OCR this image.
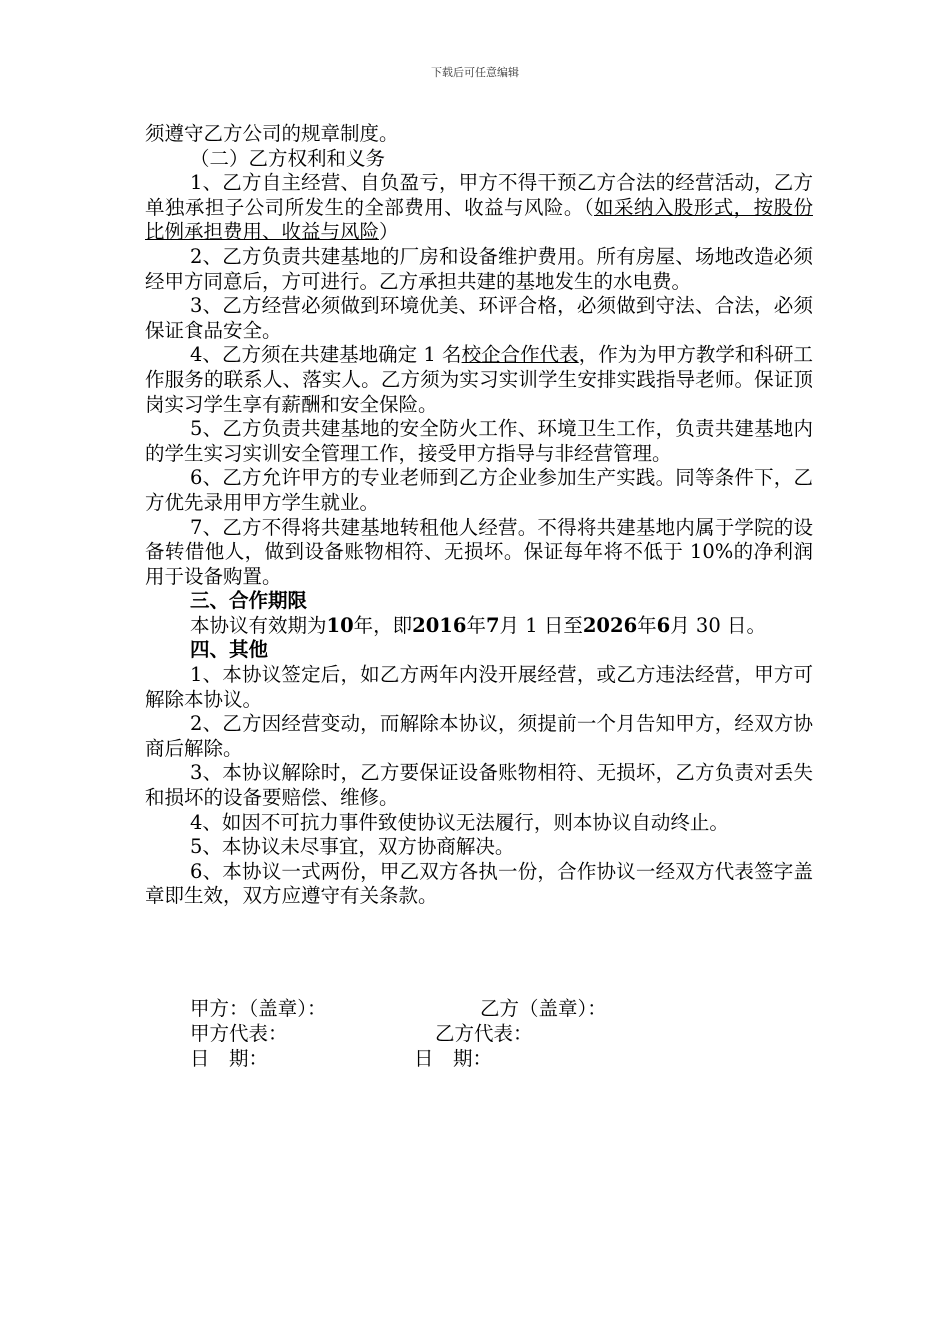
下载后可任意编辑

须遵守乙方公司的规章制度。

（二）乙方权利和义务

1、乙方自主经营、自负盈亏，甲方不得干预乙方合法的经营活动，乙方单独承担子公司所发生的全部费用、收益与风险。（如采纳入股形式，按股份比例承担费用、收益与风险）

2、乙方负责共建基地的厂房和设备维护费用。所有房屋、场地改造必须经甲方同意后，方可进行。乙方承担共建的基地发生的水电费。

3、乙方经营必须做到环境优美、环评合格，必须做到守法、合法，必须保证食品安全。

4、乙方须在共建基地确定 1 名校企合作代表，作为为甲方教学和科研工作服务的联系人、落实人。乙方须为实习实训学生安排实践指导老师。保证顶岗实习学生享有薪酬和安全保险。

5、乙方负责共建基地的安全防火工作、环境卫生工作，负责共建基地内的学生实习实训安全管理工作，接受甲方指导与非经营管理。

6、乙方允许甲方的专业老师到乙方企业参加生产实践。同等条件下，乙方优先录用甲方学生就业。

7、乙方不得将共建基地转租他人经营。不得将共建基地内属于学院的设备转借他人，做到设备账物相符、无损坏。保证每年将不低于 10%的净利润用于设备购置。

三、合作期限

本协议有效期为10年，即2016年7月 1 日至2026年6月 30 日。

四、其他

1、本协议签定后，如乙方两年内没开展经营，或乙方违法经营，甲方可解除本协议。

2、乙方因经营变动，而解除本协议，须提前一个月告知甲方，经双方协商后解除。

3、本协议解除时，乙方要保证设备账物相符、无损坏，乙方负责对丢失和损坏的设备要赔偿、维修。

4、如因不可抗力事件致使协议无法履行，则本协议自动终止。

5、本协议未尽事宜，双方协商解决。

6、本协议一式两份，甲乙双方各执一份，合作协议一经双方代表签字盖章即生效，双方应遵守有关条款。

甲方：（盖章）：	乙方（盖章）：
甲方代表：	乙方代表：
日　期：	日　期：
